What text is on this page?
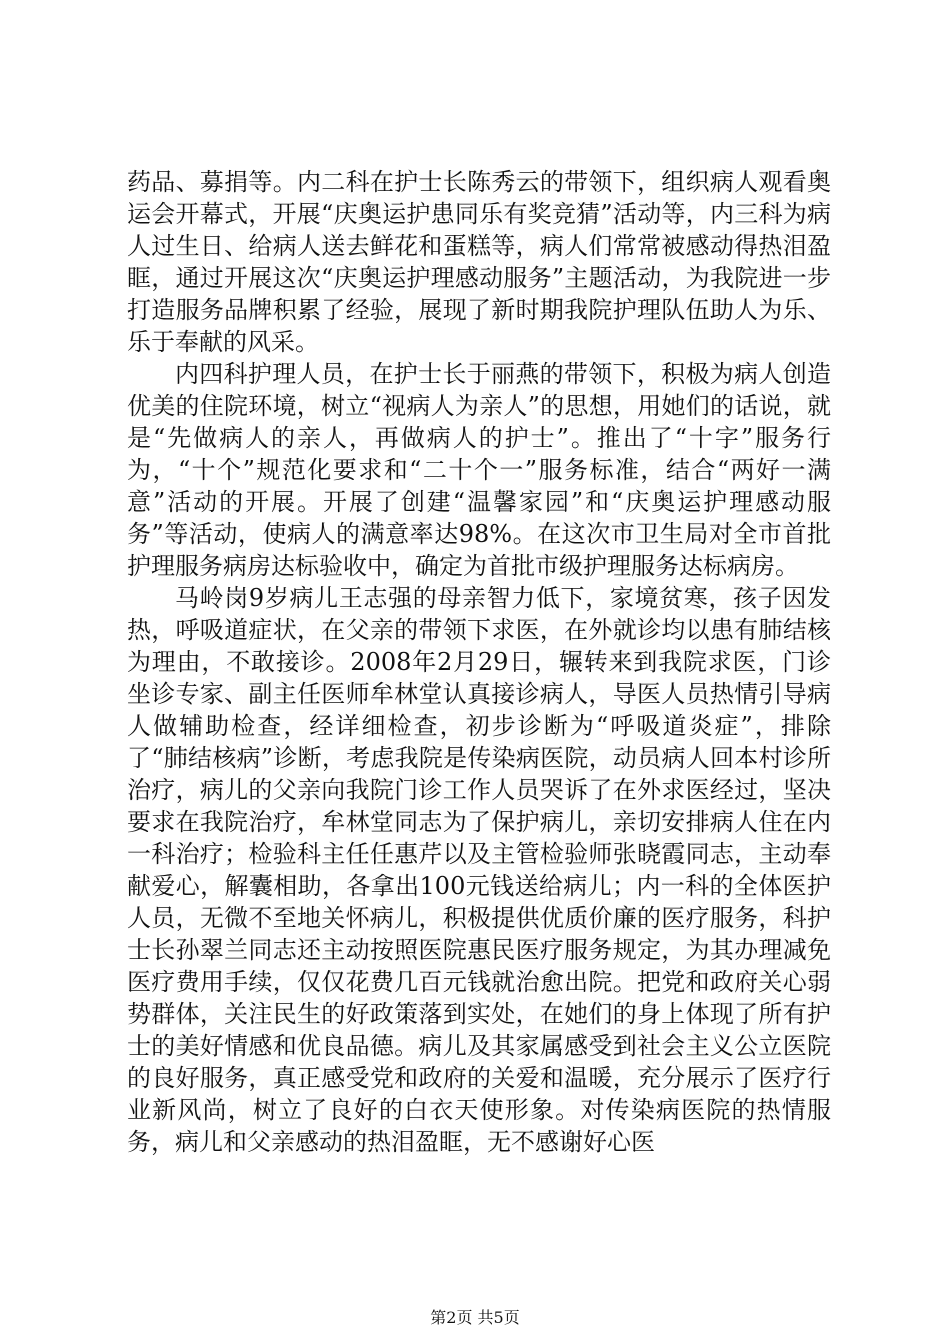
药品、募捐等。内二科在护士长陈秀云的带领下，组织病人观看奥运会开幕式，开展“庆奥运护患同乐有奖竞猜”活动等，内三科为病人过生日、给病人送去鲜花和蛋糕等，病人们常常被感动得热泪盈眶，通过开展这次“庆奥运护理感动服务”主题活动，为我院进一步打造服务品牌积累了经验，展现了新时期我院护理队伍助人为乐、乐于奉献的风采。

内四科护理人员，在护士长于丽燕的带领下，积极为病人创造优美的住院环境，树立“视病人为亲人”的思想，用她们的话说，就是“先做病人的亲人，再做病人的护士”。推出了“十字”服务行为，“十个”规范化要求和“二十个一”服务标准，结合“两好一满意”活动的开展。开展了创建“温馨家园”和“庆奥运护理感动服务”等活动，使病人的满意率达98%。在这次市卫生局对全市首批护理服务病房达标验收中，确定为首批市级护理服务达标病房。

马岭岗9岁病儿王志强的母亲智力低下，家境贫寒，孩子因发热，呼吸道症状，在父亲的带领下求医，在外就诊均以患有肺结核为理由，不敢接诊。2008年2月29日，辗转来到我院求医，门诊坐诊专家、副主任医师牟林堂认真接诊病人，导医人员热情引导病人做辅助检查，经详细检查，初步诊断为“呼吸道炎症”，排除了“肺结核病”诊断，考虑我院是传染病医院，动员病人回本村诊所治疗，病儿的父亲向我院门诊工作人员哭诉了在外求医经过，坚决要求在我院治疗，牟林堂同志为了保护病儿，亲切安排病人住在内一科治疗；检验科主任任惠芹以及主管检验师张晓霞同志，主动奉献爱心，解囊相助，各拿出100元钱送给病儿；内一科的全体医护人员，无微不至地关怀病儿，积极提供优质价廉的医疗服务，科护士长孙翠兰同志还主动按照医院惠民医疗服务规定，为其办理减免医疗费用手续，仅仅花费几百元钱就治愈出院。把党和政府关心弱势群体，关注民生的好政策落到实处，在她们的身上体现了所有护士的美好情感和优良品德。病儿及其家属感受到社会主义公立医院的良好服务，真正感受党和政府的关爱和温暖，充分展示了医疗行业新风尚，树立了良好的白衣天使形象。对传染病医院的热情服务，病儿和父亲感动的热泪盈眶，无不感谢好心医

第2页 共5页
